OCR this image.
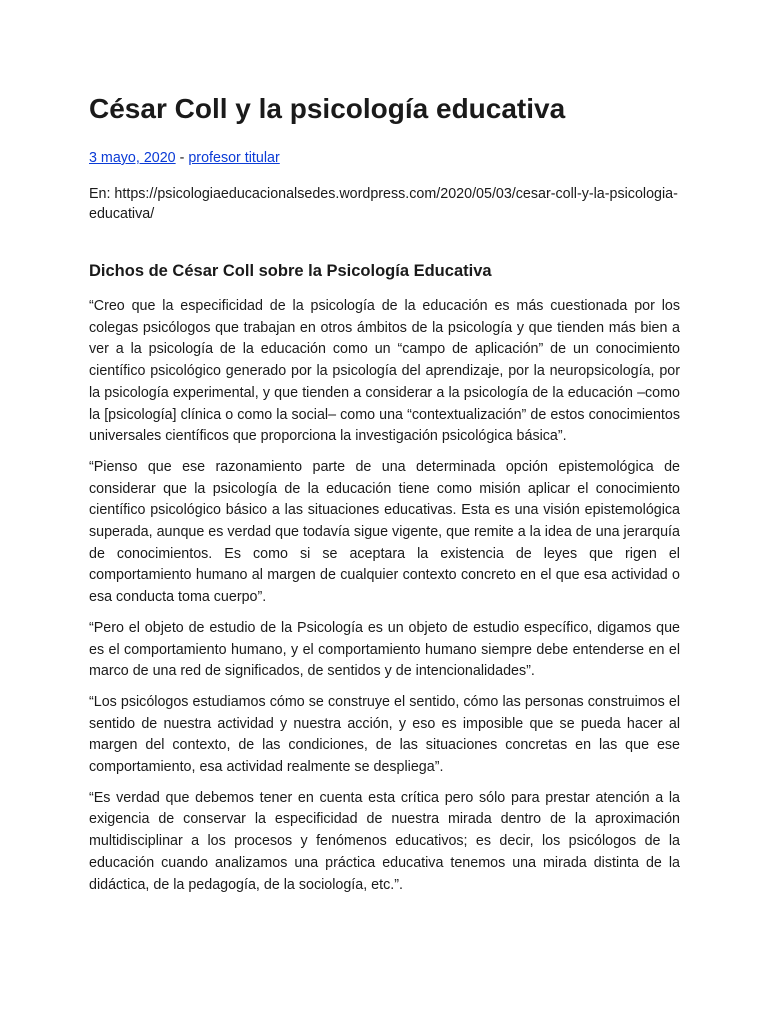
César Coll y la psicología educativa
3 mayo, 2020 - profesor titular
En: https://psicologiaeducacionalsedes.wordpress.com/2020/05/03/cesar-coll-y-la-psicologia-educativa/
Dichos de César Coll sobre la Psicología Educativa

“Creo que la especificidad de la psicología de la educación es más cuestionada por los colegas psicólogos que trabajan en otros ámbitos de la psicología y que tienden más bien a ver a la psicología de la educación como un “campo de aplicación” de un conocimiento científico psicológico generado por la psicología del aprendizaje, por la neuropsicología, por la psicología experimental, y que tienden a considerar a la psicología de la educación –como la [psicología] clínica o como la social– como una “contextualización” de estos conocimientos universales científicos que proporciona la investigación psicológica básica”.

“Pienso que ese razonamiento parte de una determinada opción epistemológica de considerar que la psicología de la educación tiene como misión aplicar el conocimiento científico psicológico básico a las situaciones educativas. Esta es una visión epistemológica superada, aunque es verdad que todavía sigue vigente, que remite a la idea de una jerarquía de conocimientos. Es como si se aceptara la existencia de leyes que rigen el comportamiento humano al margen de cualquier contexto concreto en el que esa actividad o esa conducta toma cuerpo”.

“Pero el objeto de estudio de la Psicología es un objeto de estudio específico, digamos que es el comportamiento humano, y el comportamiento humano siempre debe entenderse en el marco de una red de significados, de sentidos y de intencionalidades”.

“Los psicólogos estudiamos cómo se construye el sentido, cómo las personas construimos el sentido de nuestra actividad y nuestra acción, y eso es imposible que se pueda hacer al margen del contexto, de las condiciones, de las situaciones concretas en las que ese comportamiento, esa actividad realmente se despliega”.

“Es verdad que debemos tener en cuenta esta crítica pero sólo para prestar atención a la exigencia de conservar la especificidad de nuestra mirada dentro de la aproximación multidisciplinar a los procesos y fenómenos educativos; es decir, los psicólogos de la educación cuando analizamos una práctica educativa tenemos una mirada distinta de la didáctica, de la pedagogía, de la sociología, etc.”.
